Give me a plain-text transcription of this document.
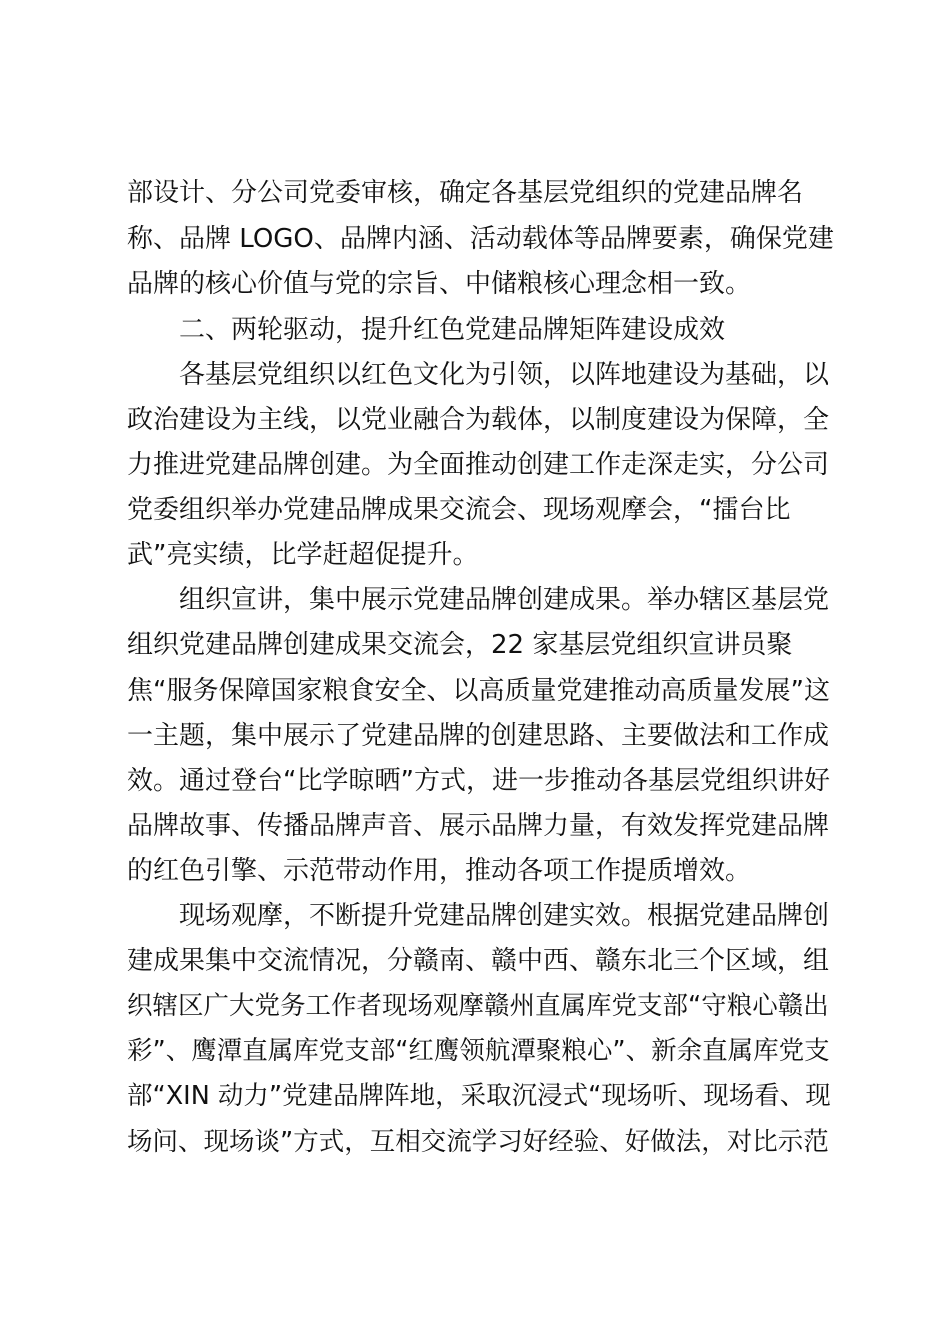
部设计、分公司党委审核，确定各基层党组织的党建品牌名
称、品牌 LOGO、品牌内涵、活动载体等品牌要素，确保党建
品牌的核心价值与党的宗旨、中储粮核心理念相一致。
二、两轮驱动，提升红色党建品牌矩阵建设成效
各基层党组织以红色文化为引领，以阵地建设为基础，以
政治建设为主线，以党业融合为载体，以制度建设为保障，全
力推进党建品牌创建。为全面推动创建工作走深走实，分公司
党委组织举办党建品牌成果交流会、现场观摩会，“擂台比
武”亮实绩，比学赶超促提升。
组织宣讲，集中展示党建品牌创建成果。举办辖区基层党
组织党建品牌创建成果交流会，22 家基层党组织宣讲员聚
焦“服务保障国家粮食安全、以高质量党建推动高质量发展”这
一主题，集中展示了党建品牌的创建思路、主要做法和工作成
效。通过登台“比学晾晒”方式，进一步推动各基层党组织讲好
品牌故事、传播品牌声音、展示品牌力量，有效发挥党建品牌
的红色引擎、示范带动作用，推动各项工作提质增效。
现场观摩，不断提升党建品牌创建实效。根据党建品牌创
建成果集中交流情况，分赣南、赣中西、赣东北三个区域，组
织辖区广大党务工作者现场观摩赣州直属库党支部“守粮心赣出
彩”、鹰潭直属库党支部“红鹰领航潭聚粮心”、新余直属库党支
部“XIN 动力”党建品牌阵地，采取沉浸式“现场听、现场看、现
场问、现场谈”方式，互相交流学习好经验、好做法，对比示范
